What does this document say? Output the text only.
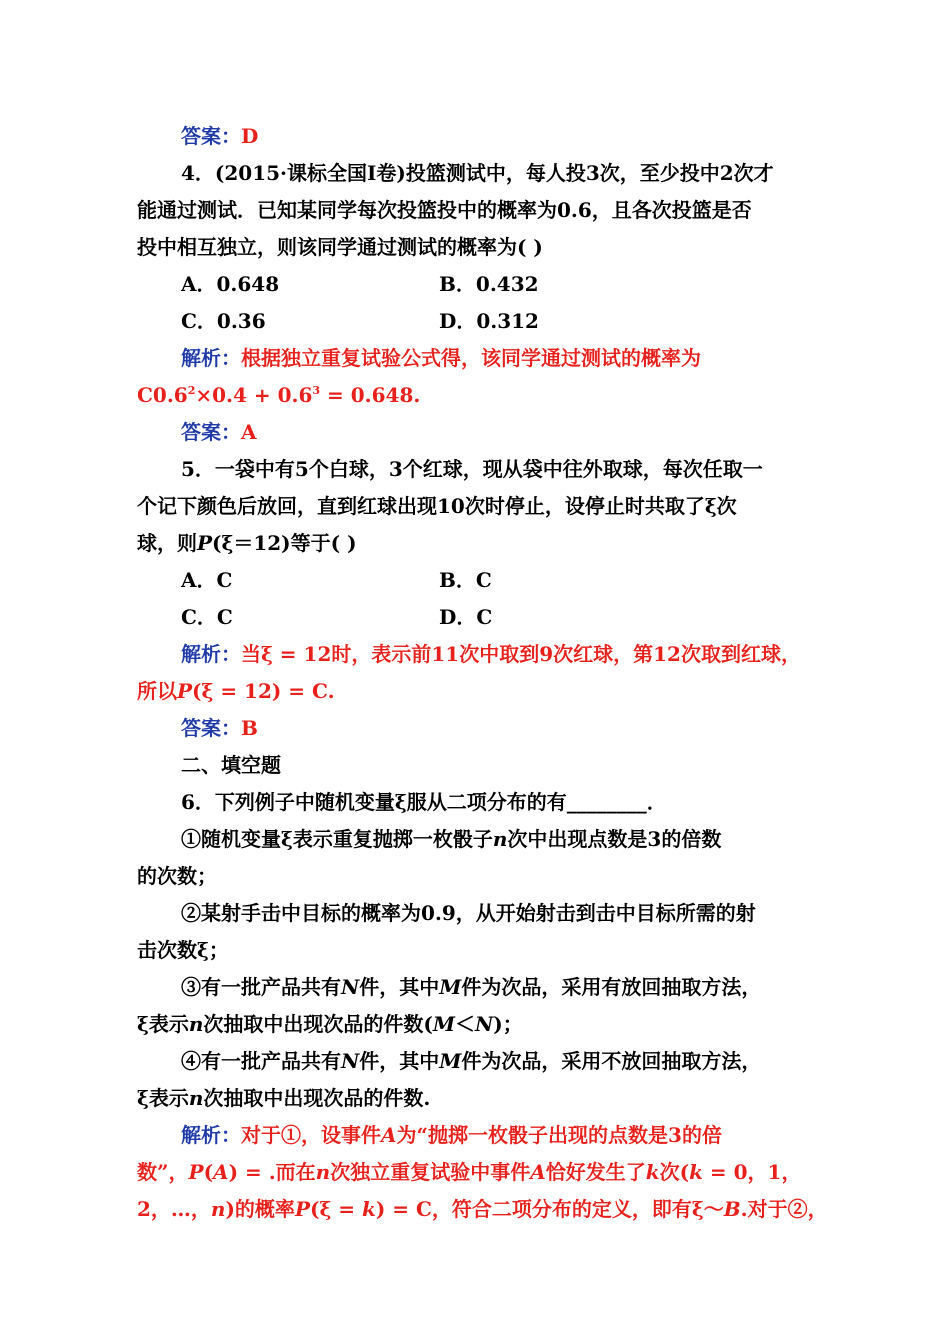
答案：D
4．(2015·课标全国Ⅰ卷)投篮测试中，每人投3次，至少投中2次才
能通过测试．已知某同学每次投篮投中的概率为0.6，且各次投篮是否
投中相互独立，则该同学通过测试的概率为( )
A．0.648	B．0.432
C．0.36	D．0.312
解析：根据独立重复试验公式得，该同学通过测试的概率为
$C0.6^2\times 0.4 + 0.6^3 = 0.648$.
答案：A
5．一袋中有5个白球，3个红球，现从袋中往外取球，每次任取一
个记下颜色后放回，直到红球出现10次时停止，设停止时共取了ξ次
球，则P(ξ＝12)等于( )
A．C	B．C
C．C	D．C
解析：当ξ = 12时，表示前11次中取到9次红球，第12次取到红球，
所以P(ξ = 12) = C.
答案：B
二、填空题
6．下列例子中随机变量ξ服从二项分布的有________．
①随机变量ξ表示重复抛掷一枚骰子n次中出现点数是3的倍数
的次数；
②某射手击中目标的概率为0.9，从开始射击到击中目标所需的射
击次数ξ；
③有一批产品共有N件，其中M件为次品，采用有放回抽取方法，
ξ表示n次抽取中出现次品的件数(M＜N)；
④有一批产品共有N件，其中M件为次品，采用不放回抽取方法，
ξ表示n次抽取中出现次品的件数.
解析：对于①，设事件A为“抛掷一枚骰子出现的点数是3的倍
数”，P(A) = .而在n次独立重复试验中事件A恰好发生了k次(k = 0，1，
2，…，n)的概率P(ξ = k) = C，符合二项分布的定义，即有ξ～B.对于②，
